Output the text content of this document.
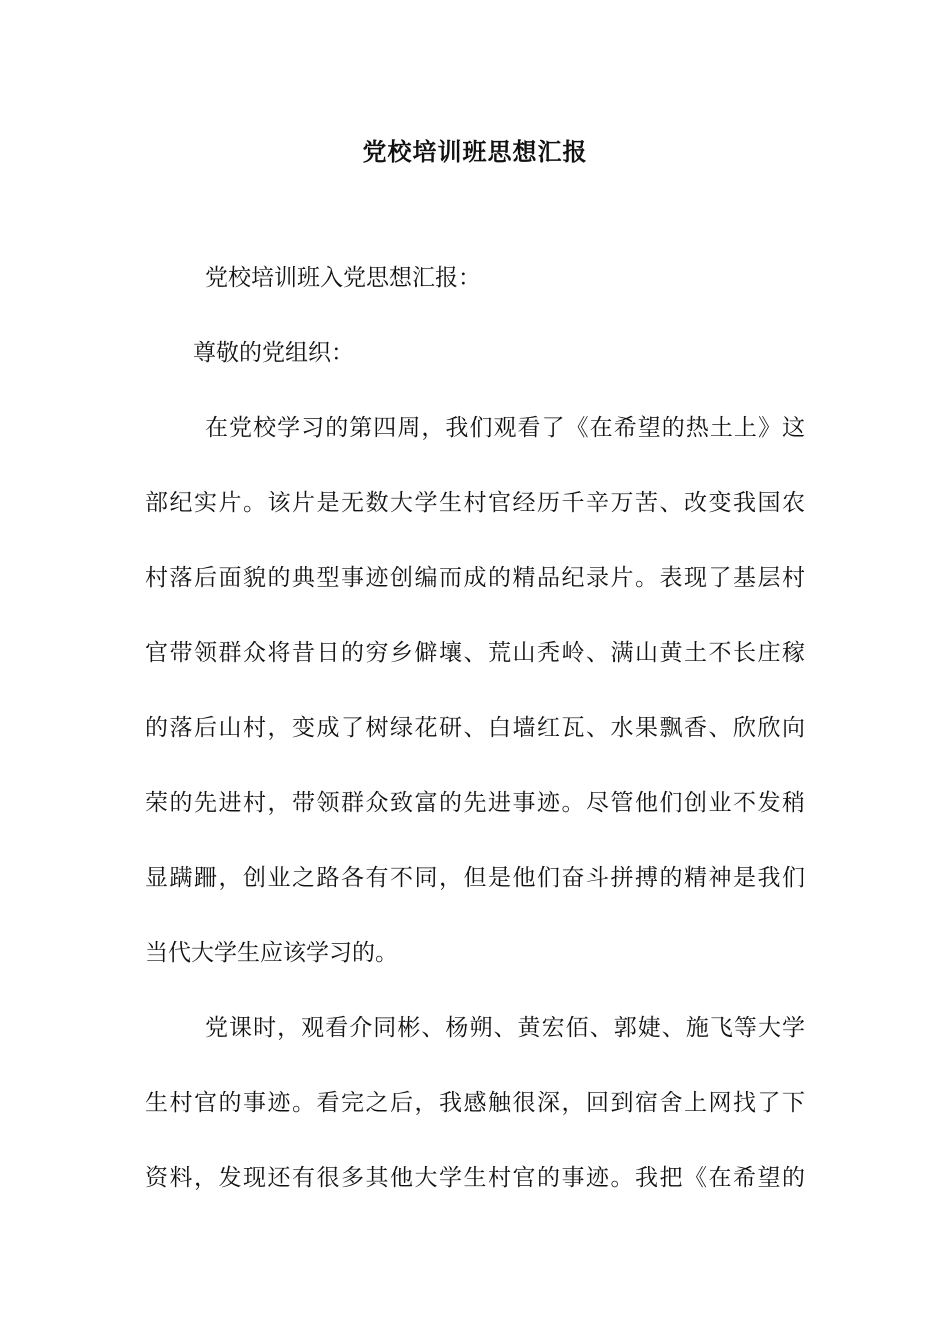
党校培训班思想汇报
党校培训班入党思想汇报：
尊敬的党组织：
在党校学习的第四周，我们观看了《在希望的热土上》这
部纪实片。该片是无数大学生村官经历千辛万苦、改变我国农
村落后面貌的典型事迹创编而成的精品纪录片。表现了基层村
官带领群众将昔日的穷乡僻壤、荒山秃岭、满山黄土不长庄稼
的落后山村，变成了树绿花研、白墙红瓦、水果飘香、欣欣向
荣的先进村，带领群众致富的先进事迹。尽管他们创业不发稍
显蹒跚，创业之路各有不同，但是他们奋斗拼搏的精神是我们
当代大学生应该学习的。
党课时，观看介同彬、杨朔、黄宏佰、郭婕、施飞等大学
生村官的事迹。看完之后，我感触很深，回到宿舍上网找了下
资料，发现还有很多其他大学生村官的事迹。我把《在希望的
